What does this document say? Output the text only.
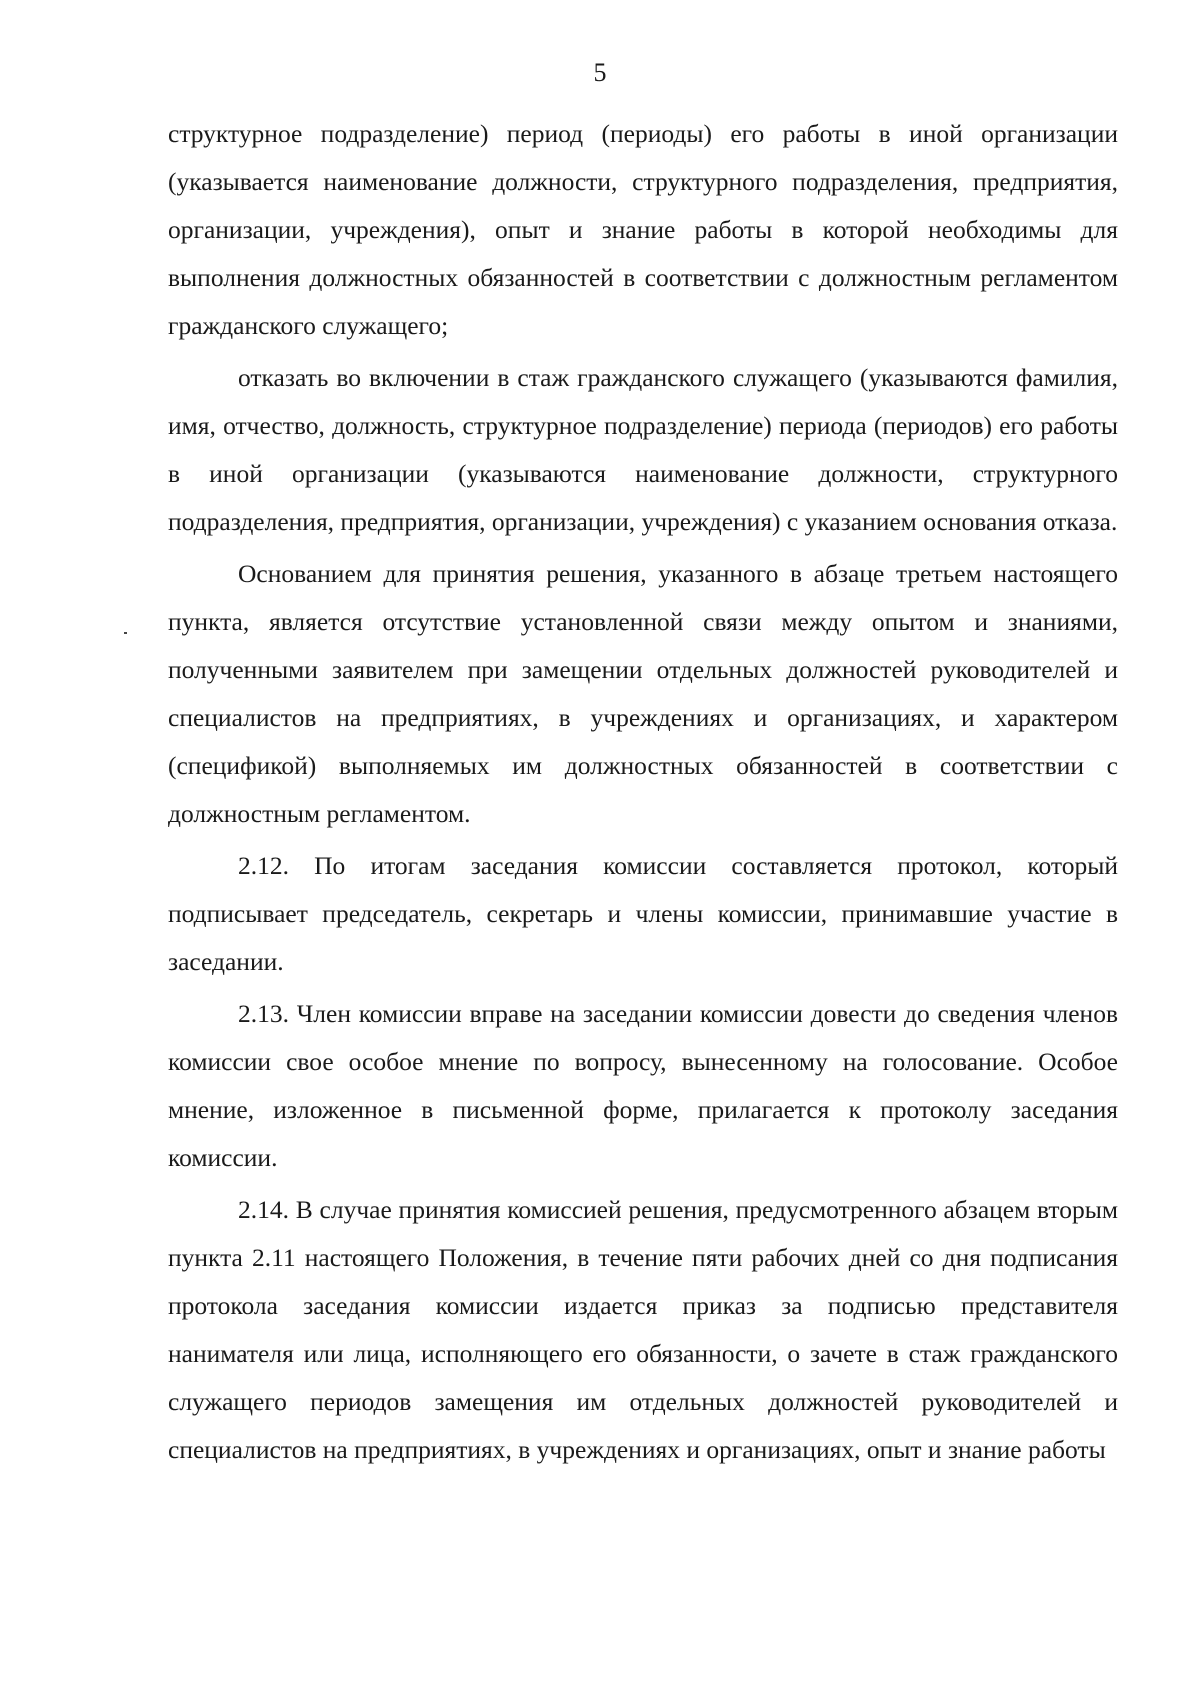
5

структурное подразделение) период (периоды) его работы в иной организации (указывается наименование должности, структурного подразделения, предприятия, организации, учреждения), опыт и знание работы в которой необходимы для выполнения должностных обязанностей в соответствии с должностным регламентом гражданского служащего;

отказать во включении в стаж гражданского служащего (указываются фамилия, имя, отчество, должность, структурное подразделение) периода (периодов) его работы в иной организации (указываются наименование должности, структурного подразделения, предприятия, организации, учреждения) с указанием основания отказа.

Основанием для принятия решения, указанного в абзаце третьем настоящего пункта, является отсутствие установленной связи между опытом и знаниями, полученными заявителем при замещении отдельных должностей руководителей и специалистов на предприятиях, в учреждениях и организациях, и характером (спецификой) выполняемых им должностных обязанностей в соответствии с должностным регламентом.

2.12. По итогам заседания комиссии составляется протокол, который подписывает председатель, секретарь и члены комиссии, принимавшие участие в заседании.

2.13. Член комиссии вправе на заседании комиссии довести до сведения членов комиссии свое особое мнение по вопросу, вынесенному на голосование. Особое мнение, изложенное в письменной форме, прилагается к протоколу заседания комиссии.

2.14. В случае принятия комиссией решения, предусмотренного абзацем вторым пункта 2.11 настоящего Положения, в течение пяти рабочих дней со дня подписания протокола заседания комиссии издается приказ за подписью представителя нанимателя или лица, исполняющего его обязанности, о зачете в стаж гражданского служащего периодов замещения им отдельных должностей руководителей и специалистов на предприятиях, в учреждениях и организациях, опыт и знание работы
